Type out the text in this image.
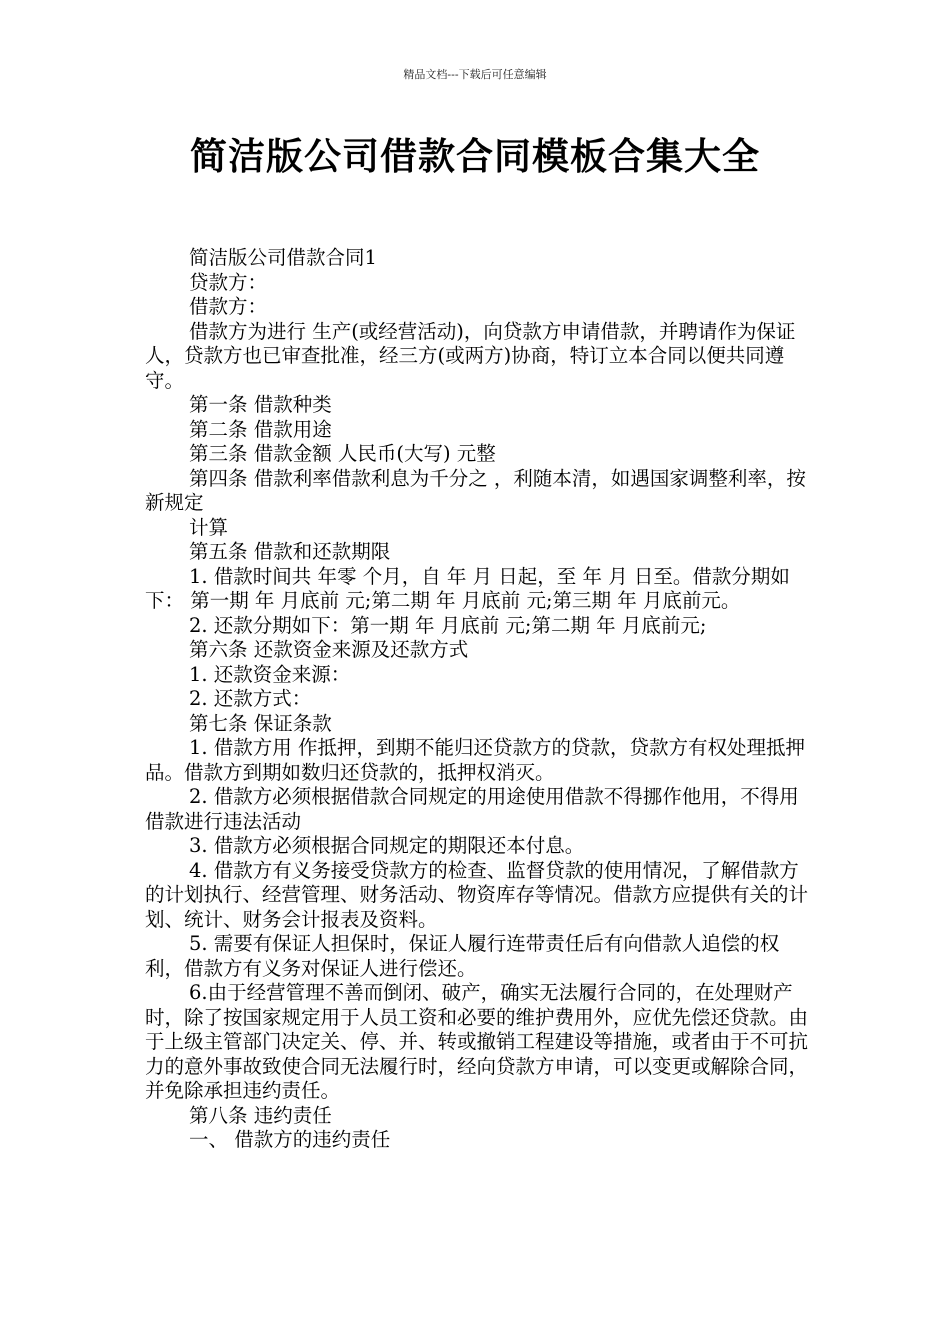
精品文档---下载后可任意编辑
简洁版公司借款合同模板合集大全

简洁版公司借款合同1

贷款方：

借款方：

借款方为进行 生产(或经营活动)，向贷款方申请借款，并聘请作为保证人，贷款方也已审查批准，经三方(或两方)协商，特订立本合同以便共同遵守。

第一条 借款种类

第二条 借款用途

第三条 借款金额 人民币(大写) 元整

第四条 借款利率借款利息为千分之 ，利随本清，如遇国家调整利率，按新规定

计算

第五条 借款和还款期限

1. 借款时间共 年零 个月，自 年 月 日起，至 年 月 日至。借款分期如下： 第一期 年 月底前 元;第二期 年 月底前 元;第三期 年 月底前元。

2. 还款分期如下：第一期 年 月底前 元;第二期 年 月底前元;

第六条 还款资金来源及还款方式

1. 还款资金来源：

2. 还款方式：

第七条 保证条款

1. 借款方用 作抵押，到期不能归还贷款方的贷款，贷款方有权处理抵押品。借款方到期如数归还贷款的，抵押权消灭。

2. 借款方必须根据借款合同规定的用途使用借款不得挪作他用，不得用借款进行违法活动

3. 借款方必须根据合同规定的期限还本付息。

4. 借款方有义务接受贷款方的检查、监督贷款的使用情况，了解借款方的计划执行、经营管理、财务活动、物资库存等情况。借款方应提供有关的计划、统计、财务会计报表及资料。

5. 需要有保证人担保时，保证人履行连带责任后有向借款人追偿的权利，借款方有义务对保证人进行偿还。

6.由于经营管理不善而倒闭、破产，确实无法履行合同的，在处理财产时，除了按国家规定用于人员工资和必要的维护费用外，应优先偿还贷款。由于上级主管部门决定关、停、并、转或撤销工程建设等措施，或者由于不可抗力的意外事故致使合同无法履行时，经向贷款方申请，可以变更或解除合同，并免除承担违约责任。

第八条 违约责任

一、 借款方的违约责任
